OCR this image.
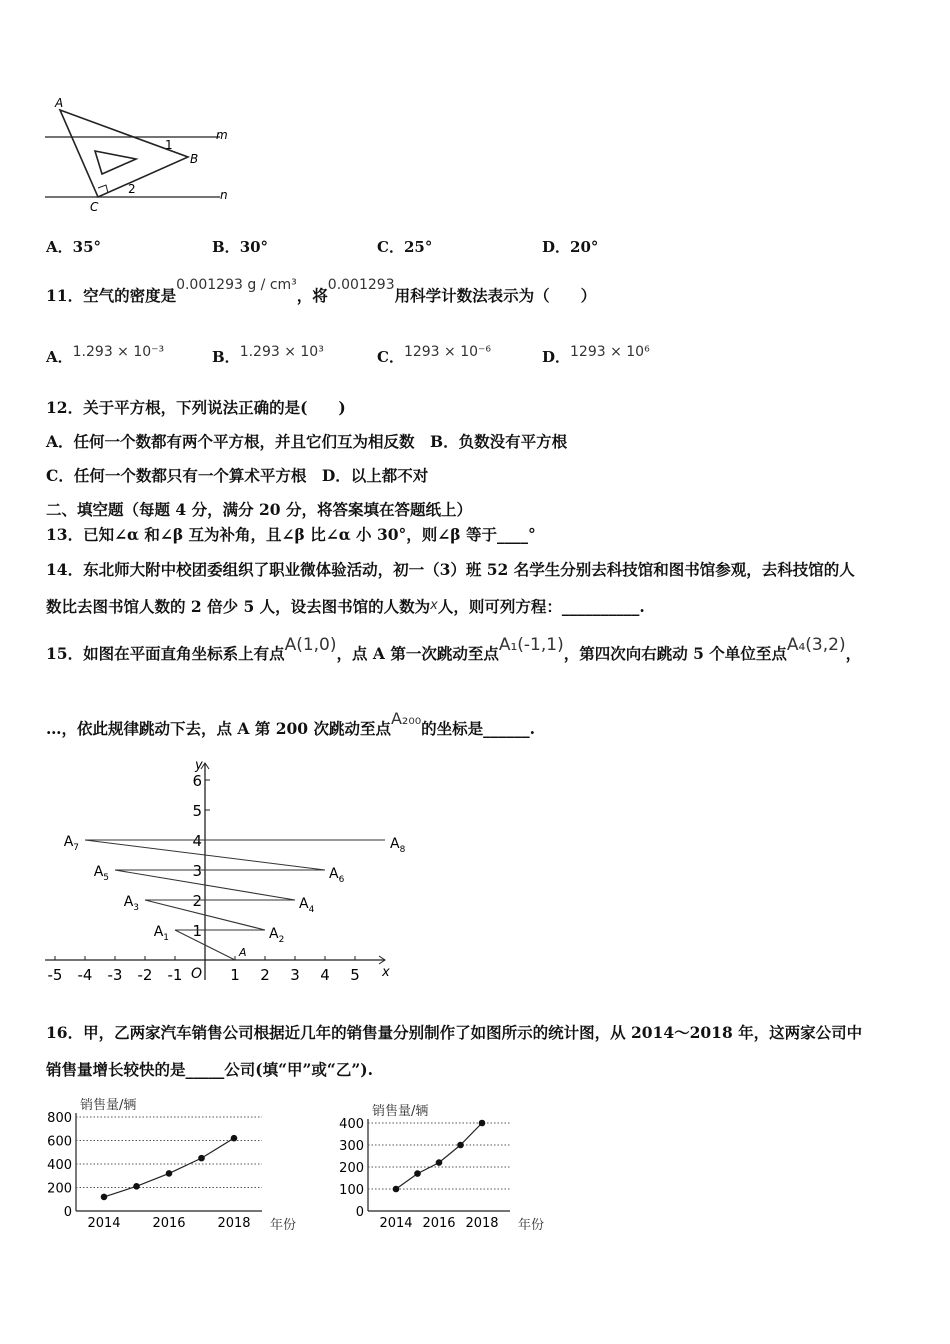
A
B
C
m
n
1
2
A．35°	B．30°	C．25°	D．20°
11．空气的密度是0.001293 g / cm³，将0.001293用科学计数法表示为（　　）
A．1.293 × 10⁻³	B．1.293 × 10³	C．1293 × 10⁻⁶	D．1293 × 10⁶
12．关于平方根，下列说法正确的是(　　)
A．任何一个数都有两个平方根，并且它们互为相反数　B．负数没有平方根
C．任何一个数都只有一个算术平方根　D．以上都不对
二、填空题（每题 4 分，满分 20 分，将答案填在答题纸上）
13．已知∠α 和∠β 互为补角，且∠β 比∠α 小 30°，则∠β 等于____°
14．东北师大附中校团委组织了职业微体验活动，初一（3）班 52 名学生分别去科技馆和图书馆参观，去科技馆的人
数比去图书馆人数的 2 倍少 5 人，设去图书馆的人数为x人，则可列方程：__________.
15．如图在平面直角坐标系上有点A(1,0)，点 A 第一次跳动至点A₁(-1,1)，第四次向右跳动 5 个单位至点A₄(3,2)，
…，依此规律跳动下去，点 A 第 200 次跳动至点A₂₀₀的坐标是______.
x
y
O
-5 -4 -3 -2 -1	1 2 3 4 5
1
2
3
4
5
6
A
$A_1$	$A_2$
$A_3$	$A_4$
$A_5$	$A_6$
$A_7$	$A_8$
16．甲，乙两家汽车销售公司根据近几年的销售量分别制作了如图所示的统计图，从 2014～2018 年，这两家公司中
销售量增长较快的是_____公司(填“甲”或“乙”).
销售量/辆
0
200
400
600
800
2014 2016 2018 年份
销售量/辆
0
100
200
300
400
2014 2016 2018 年份
